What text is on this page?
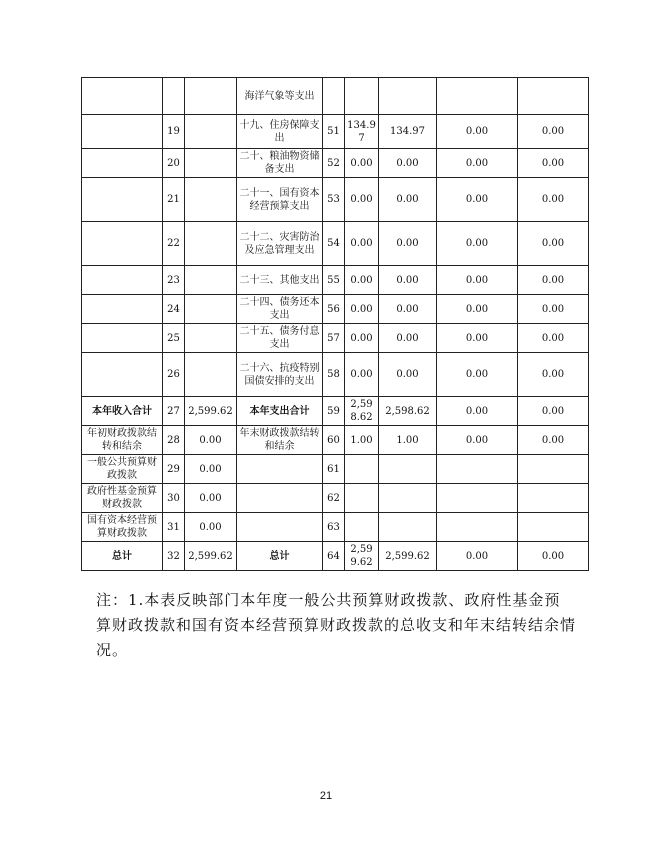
			海洋气象等支出					
	19		十九、住房保障支出	51	134.97	134.97	0.00	0.00
	20		二十、粮油物资储备支出	52	0.00	0.00	0.00	0.00
	21		二十一、国有资本经营预算支出	53	0.00	0.00	0.00	0.00
	22		二十二、灾害防治及应急管理支出	54	0.00	0.00	0.00	0.00
	23		二十三、其他支出	55	0.00	0.00	0.00	0.00
	24		二十四、债务还本支出	56	0.00	0.00	0.00	0.00
	25		二十五、债务付息支出	57	0.00	0.00	0.00	0.00
	26		二十六、抗疫特别国债安排的支出	58	0.00	0.00	0.00	0.00
本年收入合计	27	2,599.62	本年支出合计	59	2,598.62	2,598.62	0.00	0.00
年初财政拨款结转和结余	28	0.00	年末财政拨款结转和结余	60	1.00	1.00	0.00	0.00
一般公共预算财政拨款	29	0.00		61				
政府性基金预算财政拨款	30	0.00		62				
国有资本经营预算财政拨款	31	0.00		63				
总计	32	2,599.62	总计	64	2,599.62	2,599.62	0.00	0.00
注：1.本表反映部门本年度一般公共预算财政拨款、政府性基金预算财政拨款和国有资本经营预算财政拨款的总收支和年末结转结余情况。
21
